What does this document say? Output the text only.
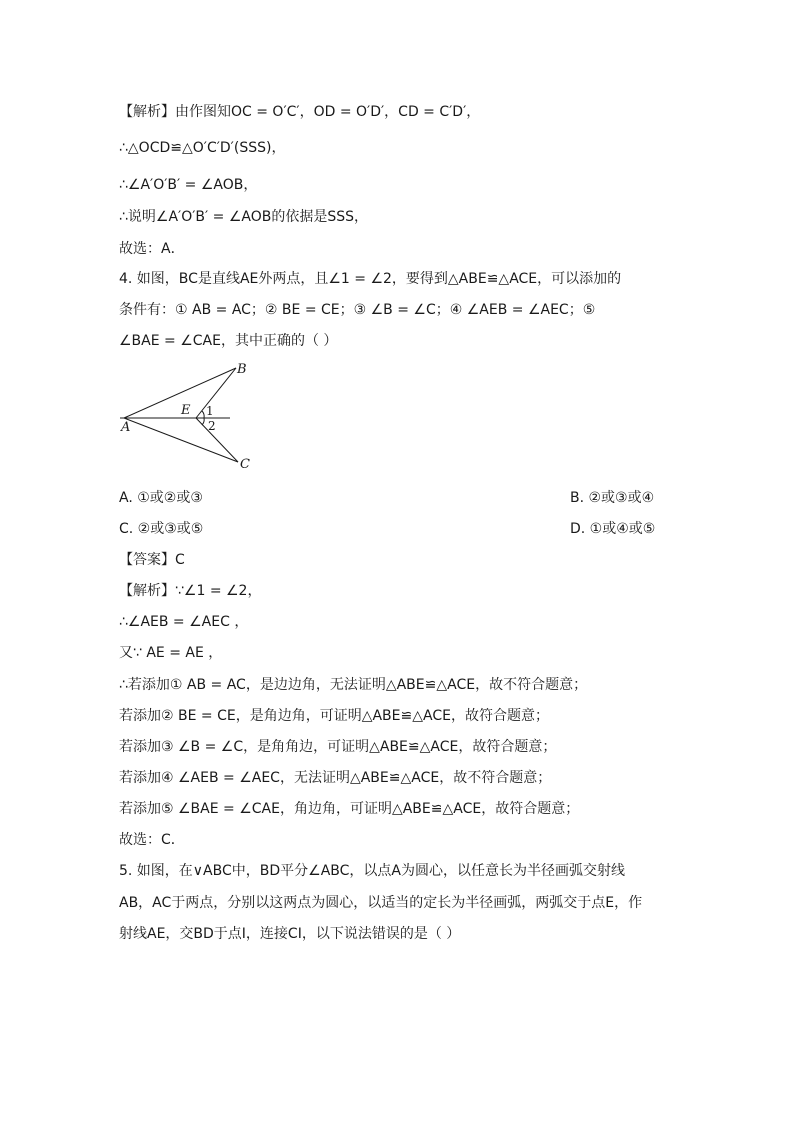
【解析】由作图知OC = O′C′，OD = O′D′，CD = C′D′，
∴△OCD≌△O′C′D′(SSS)，
∴∠A′O′B′ = ∠AOB，
∴说明∠A′O′B′ = ∠AOB的依据是SSS，
故选：A．
4. 如图，BC是直线AE外两点，且∠1 = ∠2，要得到△ABE≌△ACE，可以添加的
条件有：① AB = AC；② BE = CE；③ ∠B = ∠C；④ ∠AEB = ∠AEC；⑤
∠BAE = ∠CAE，其中正确的（ ）
B
E 1
2
A
C
A. ①或②或③	B. ②或③或④
C. ②或③或⑤	D. ①或④或⑤
【答案】C
【解析】∵∠1 = ∠2，
∴∠AEB = ∠AEC ，
又∵ AE = AE ，
∴若添加① AB = AC，是边边角，无法证明△ABE≌△ACE，故不符合题意；
若添加② BE = CE，是角边角，可证明△ABE≌△ACE，故符合题意；
若添加③ ∠B = ∠C，是角角边，可证明△ABE≌△ACE，故符合题意；
若添加④ ∠AEB = ∠AEC，无法证明△ABE≌△ACE，故不符合题意；
若添加⑤ ∠BAE = ∠CAE，角边角，可证明△ABE≌△ACE，故符合题意；
故选：C．
5. 如图，在∨ABC中，BD平分∠ABC，以点A为圆心，以任意长为半径画弧交射线
AB，AC于两点，分别以这两点为圆心，以适当的定长为半径画弧，两弧交于点E，作
射线AE，交BD于点I，连接CI，以下说法错误的是（ ）
